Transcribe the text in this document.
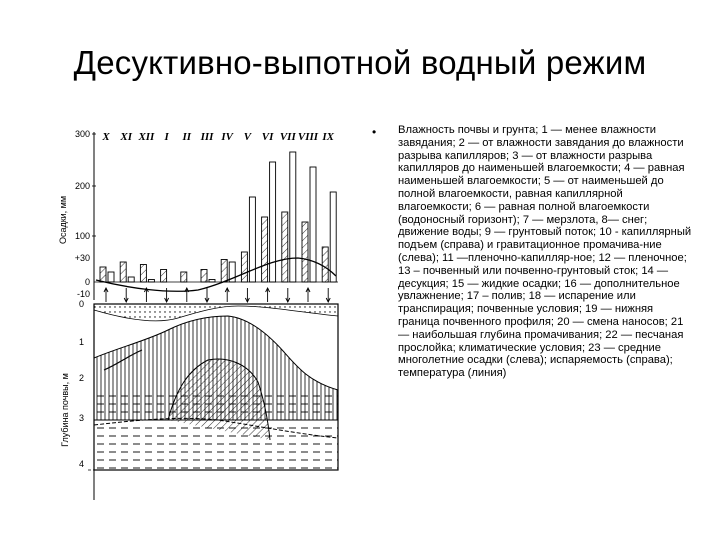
Десуктивно-выпотной водный режим
X XI XII I II III IV V VI VII VIII IX
300
200
100
+30
0
-10
0
1
2
3
4
Осадки, мм
Глубина почвы, м
• Влажность почвы и грунта; 1 — менее влажности завядания; 2 — от влажности завядания до влажности разрыва капилляров; 3 — от влажности разрыва капилляров до наименьшей влагоемкости; 4 — равная наименьшей влагоемкости; 5 — от наименьшей до полной влагоемкости, равная капиллярной влагоемкости; 6 — равная полной влагоемкости (водоносный горизонт); 7 — мерзлота, 8— снег; движение воды; 9 — грунтовый поток; 10 - капиллярный подъем (справа) и гравитационное промачива-ние (слева); 11 —пленочно-капилляр-ное; 12 — пленочное; 13 – почвенный или почвенно-грунтовый сток; 14 — десукция; 15 — жидкие осадки; 16 — дополнительное увлажнение; 17 – полив; 18 — испарение или транспирация; почвенные условия; 19 — нижняя граница почвенного профиля; 20 — смена наносов; 21 — наибольшая глубина промачивания; 22 — песчаная прослойка; климатические условия; 23 — средние многолетние осадки (слева); испаряемость (справа); температура (линия)
